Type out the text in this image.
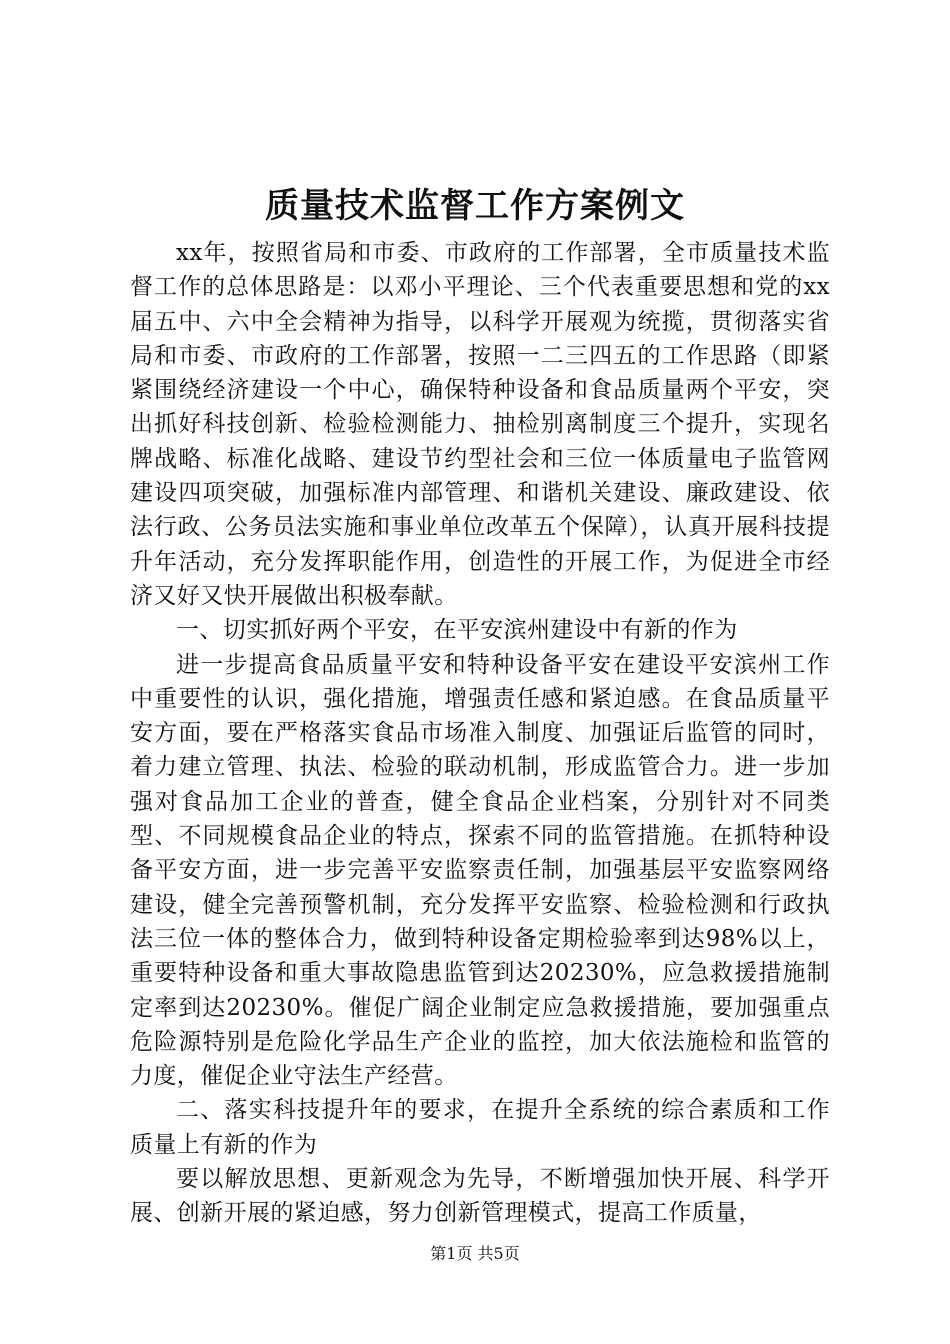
质量技术监督工作方案例文

xx年，按照省局和市委、市政府的工作部署，全市质量技术监督工作的总体思路是：以邓小平理论、三个代表重要思想和党的xx届五中、六中全会精神为指导，以科学开展观为统揽，贯彻落实省局和市委、市政府的工作部署，按照一二三四五的工作思路（即紧紧围绕经济建设一个中心，确保特种设备和食品质量两个平安，突出抓好科技创新、检验检测能力、抽检别离制度三个提升，实现名牌战略、标准化战略、建设节约型社会和三位一体质量电子监管网建设四项突破，加强标准内部管理、和谐机关建设、廉政建设、依法行政、公务员法实施和事业单位改革五个保障），认真开展科技提升年活动，充分发挥职能作用，创造性的开展工作，为促进全市经济又好又快开展做出积极奉献。

一、切实抓好两个平安，在平安滨州建设中有新的作为

进一步提高食品质量平安和特种设备平安在建设平安滨州工作中重要性的认识，强化措施，增强责任感和紧迫感。在食品质量平安方面，要在严格落实食品市场准入制度、加强证后监管的同时，着力建立管理、执法、检验的联动机制，形成监管合力。进一步加强对食品加工企业的普查，健全食品企业档案，分别针对不同类型、不同规模食品企业的特点，探索不同的监管措施。在抓特种设备平安方面，进一步完善平安监察责任制，加强基层平安监察网络建设，健全完善预警机制，充分发挥平安监察、检验检测和行政执法三位一体的整体合力，做到特种设备定期检验率到达98%以上，重要特种设备和重大事故隐患监管到达20230%，应急救援措施制定率到达20230%。催促广阔企业制定应急救援措施，要加强重点危险源特别是危险化学品生产企业的监控，加大依法施检和监管的力度，催促企业守法生产经营。

二、落实科技提升年的要求，在提升全系统的综合素质和工作质量上有新的作为

要以解放思想、更新观念为先导，不断增强加快开展、科学开展、创新开展的紧迫感，努力创新管理模式，提高工作质量，

第1页 共5页
